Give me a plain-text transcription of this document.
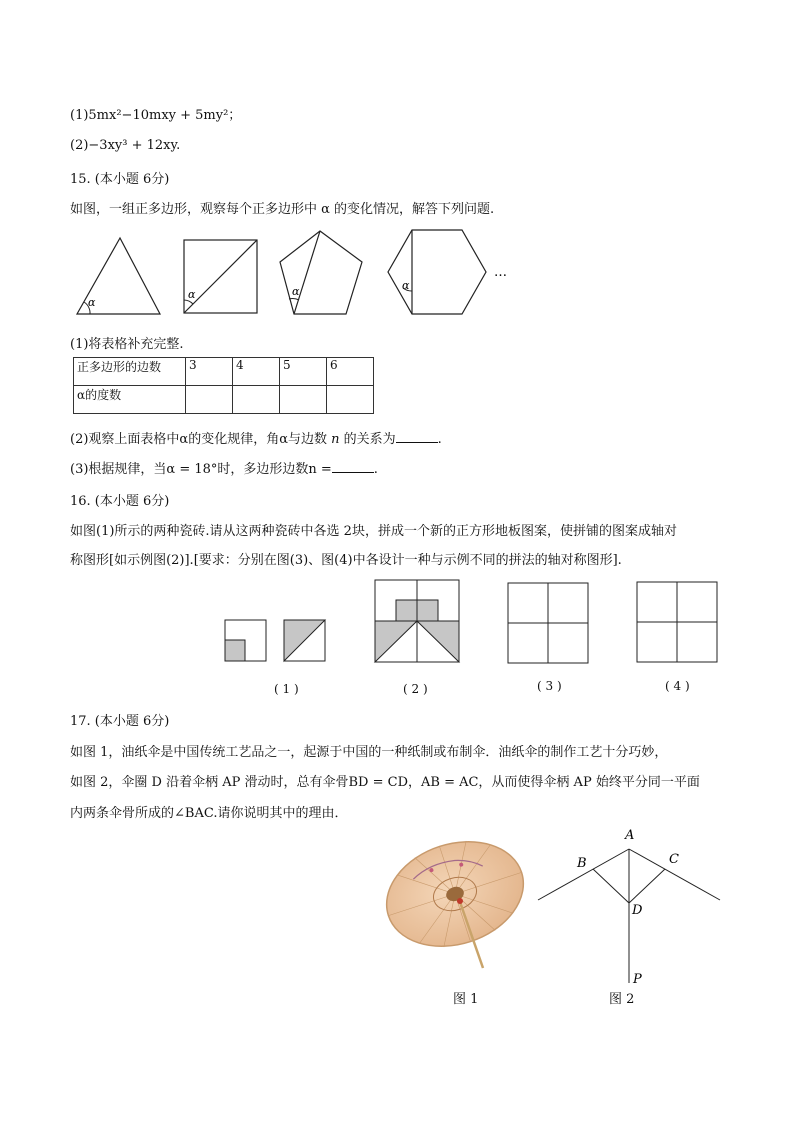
(1)5mx²−10mxy + 5my²；
(2)−3xy³ + 12xy.
15. (本小题 6分)
如图，一组正多边形，观察每个正多边形中 α 的变化情况，解答下列问题.
α
α	α	α
…
(1)将表格补充完整.
正多边形的边数	3	4	5	6
α的度数				
(2)观察上面表格中α的变化规律，角α与边数 n 的关系为	.
(3)根据规律，当α = 18°时，多边形边数n =	.
16. (本小题 6分)
如图(1)所示的两种瓷砖.请从这两种瓷砖中各选 2块，拼成一个新的正方形地板图案，使拼铺的图案成轴对
称图形[如示例图(2)].[要求：分别在图(3)、图(4)中各设计一种与示例不同的拼法的轴对称图形].
( 1 )	( 2 )	( 3 )	( 4 )
17. (本小题 6分)
如图 1，油纸伞是中国传统工艺品之一，起源于中国的一种纸制或布制伞．油纸伞的制作工艺十分巧妙，
如图 2，伞圈 D 沿着伞柄 AP 滑动时，总有伞骨BD = CD，AB = AC，从而使得伞柄 AP 始终平分同一平面
内两条伞骨所成的∠BAC.请你说明其中的理由．
A
B	C
D
P
图 1	图 2
